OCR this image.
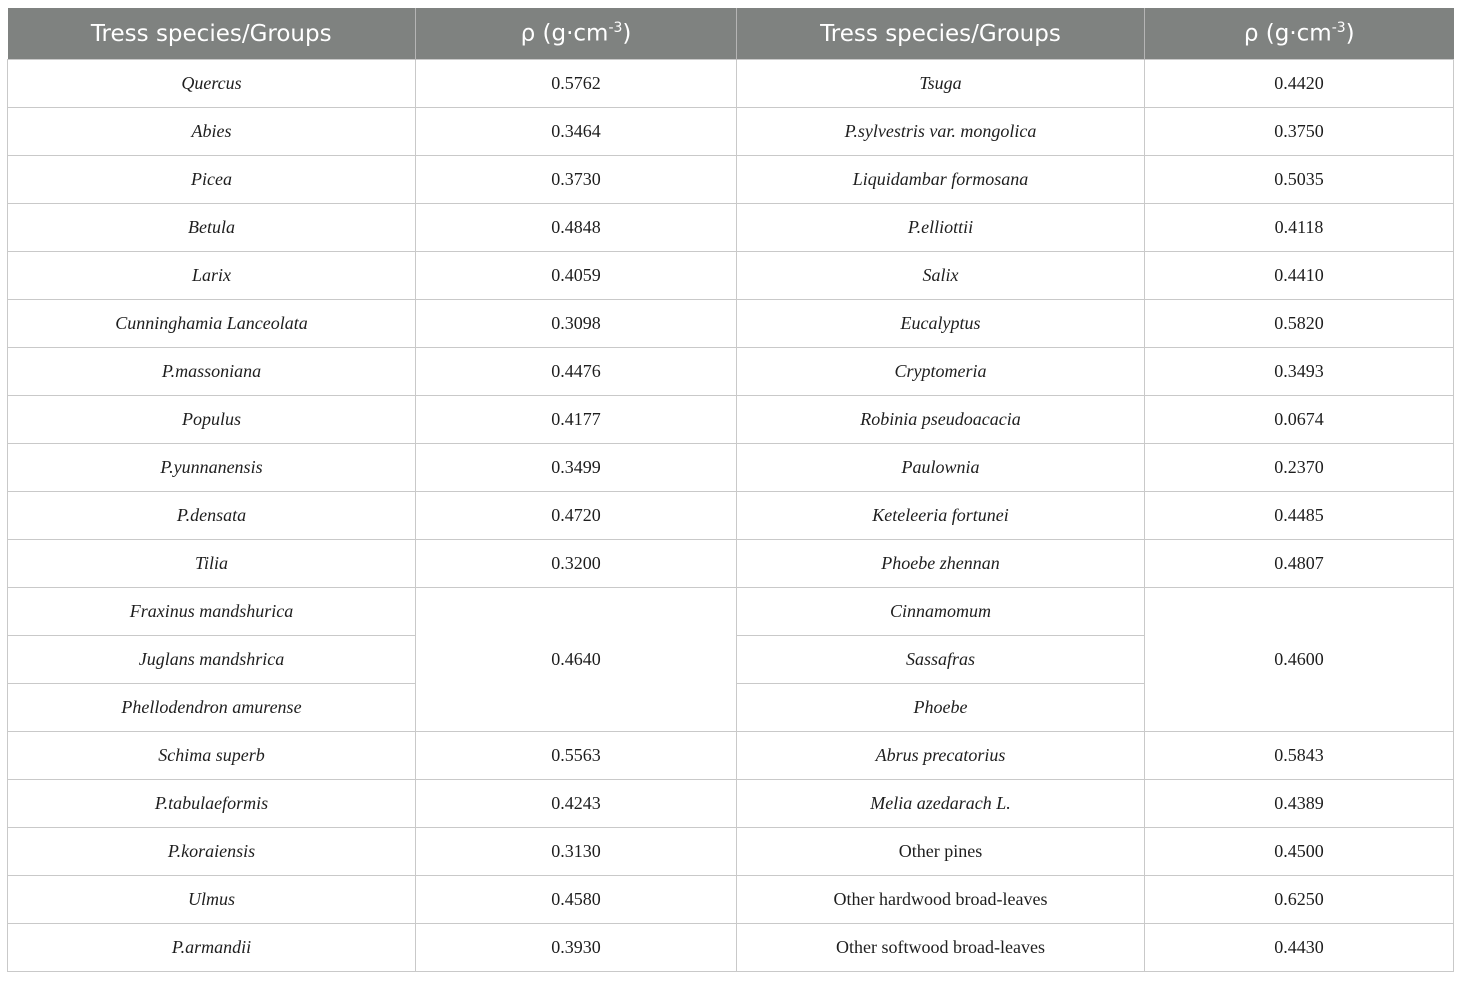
Tress species/Groups	ρ $(g\cdot cm^{-3})$	Tress species/Groups	ρ $(g\cdot cm^{-3})$
Quercus	0.5762	Tsuga	0.4420
Abies	0.3464	P.sylvestris var. mongolica	0.3750
Picea	0.3730	Liquidambar formosana	0.5035
Betula	0.4848	P.elliottii	0.4118
Larix	0.4059	Salix	0.4410
Cunninghamia Lanceolata	0.3098	Eucalyptus	0.5820
P.massoniana	0.4476	Cryptomeria	0.3493
Populus	0.4177	Robinia pseudoacacia	0.0674
P.yunnanensis	0.3499	Paulownia	0.2370
P.densata	0.4720	Keteleeria fortunei	0.4485
Tilia	0.3200	Phoebe zhennan	0.4807
Fraxinus mandshurica	0.4640	Cinnamomum	0.4600
Juglans mandshrica		Sassafras	
Phellodendron amurense		Phoebe	
Schima superb	0.5563	Abrus precatorius	0.5843
P.tabulaeformis	0.4243	Melia azedarach L.	0.4389
P.koraiensis	0.3130	Other pines	0.4500
Ulmus	0.4580	Other hardwood broad-leaves	0.6250
P.armandii	0.3930	Other softwood broad-leaves	0.4430
